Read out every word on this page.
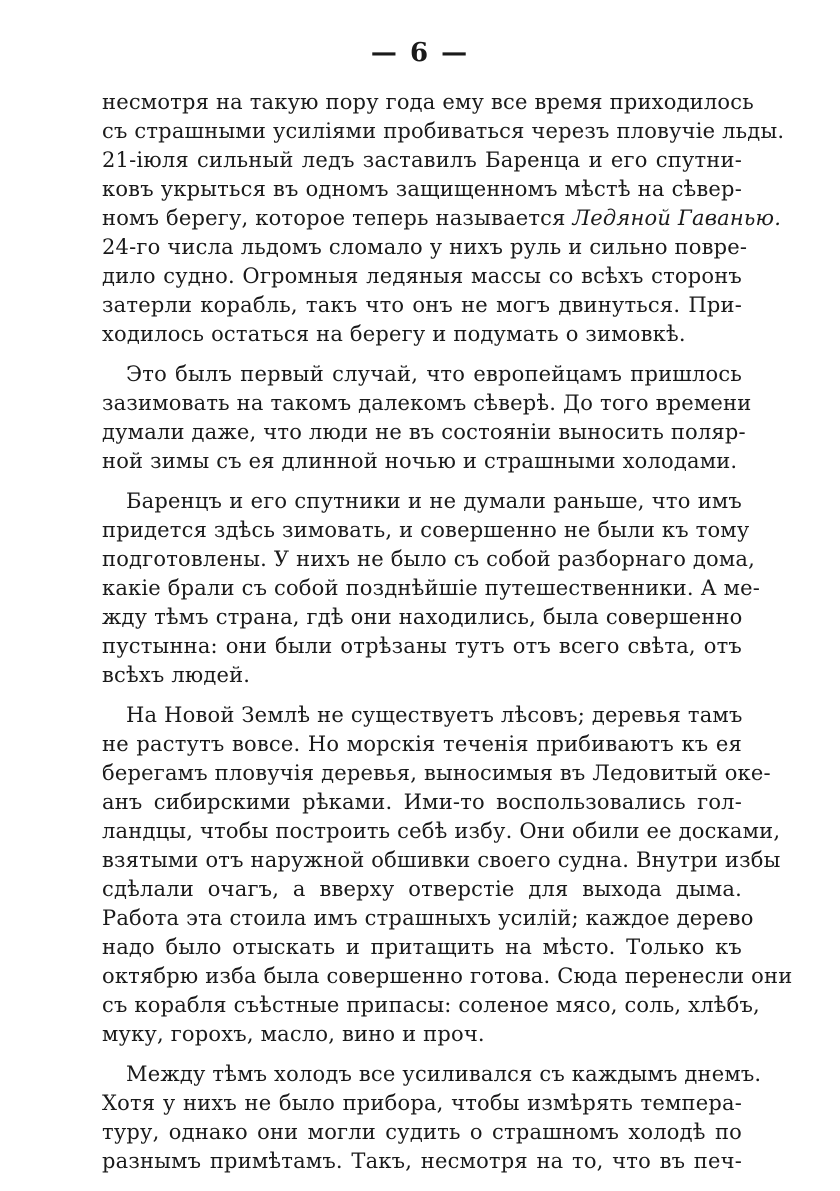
— 6 —
несмотря на такую пору года ему все время приходилось
съ страшными усиліями пробиваться черезъ пловучіе льды.
21-іюля сильный ледъ заставилъ Баренца и его спутни-
ковъ укрыться въ одномъ защищенномъ мѣстѣ на сѣвер-
номъ берегу, которое теперь называется Ледяной Гаванью.
24-го числа льдомъ сломало у нихъ руль и сильно повре-
дило судно. Огромныя ледяныя массы со всѣхъ сторонъ
затерли корабль, такъ что онъ не могъ двинуться. При-
ходилось остаться на берегу и подумать о зимовкѣ.
Это былъ первый случай, что европейцамъ пришлось
зазимовать на такомъ далекомъ сѣверѣ. До того времени
думали даже, что люди не въ состояніи выносить поляр-
ной зимы съ ея длинной ночью и страшными холодами.
Баренцъ и его спутники и не думали раньше, что имъ
придется здѣсь зимовать, и совершенно не были къ тому
подготовлены. У нихъ не было съ собой разборнаго дома,
какіе брали съ собой позднѣйшіе путешественники. А ме-
жду тѣмъ страна, гдѣ они находились, была совершенно
пустынна: они были отрѣзаны тутъ отъ всего свѣта, отъ
всѣхъ людей.
На Новой Землѣ не существуетъ лѣсовъ; деревья тамъ
не растутъ вовсе. Но морскія теченія прибиваютъ къ ея
берегамъ пловучія деревья, выносимыя въ Ледовитый оке-
анъ сибирскими рѣками. Ими-то воспользовались гол-
ландцы, чтобы построить себѣ избу. Они обили ее досками,
взятыми отъ наружной обшивки своего судна. Внутри избы
сдѣлали очагъ, а вверху отверстіе для выхода дыма.
Работа эта стоила имъ страшныхъ усилій; каждое дерево
надо было отыскать и притащить на мѣсто. Только къ
октябрю изба была совершенно готова. Сюда перенесли они
съ корабля съѣстные припасы: соленое мясо, соль, хлѣбъ,
муку, горохъ, масло, вино и проч.
Между тѣмъ холодъ все усиливался съ каждымъ днемъ.
Хотя у нихъ не было прибора, чтобы измѣрять темпера-
туру, однако они могли судить о страшномъ холодѣ по
разнымъ примѣтамъ. Такъ, несмотря на то, что въ печ-
